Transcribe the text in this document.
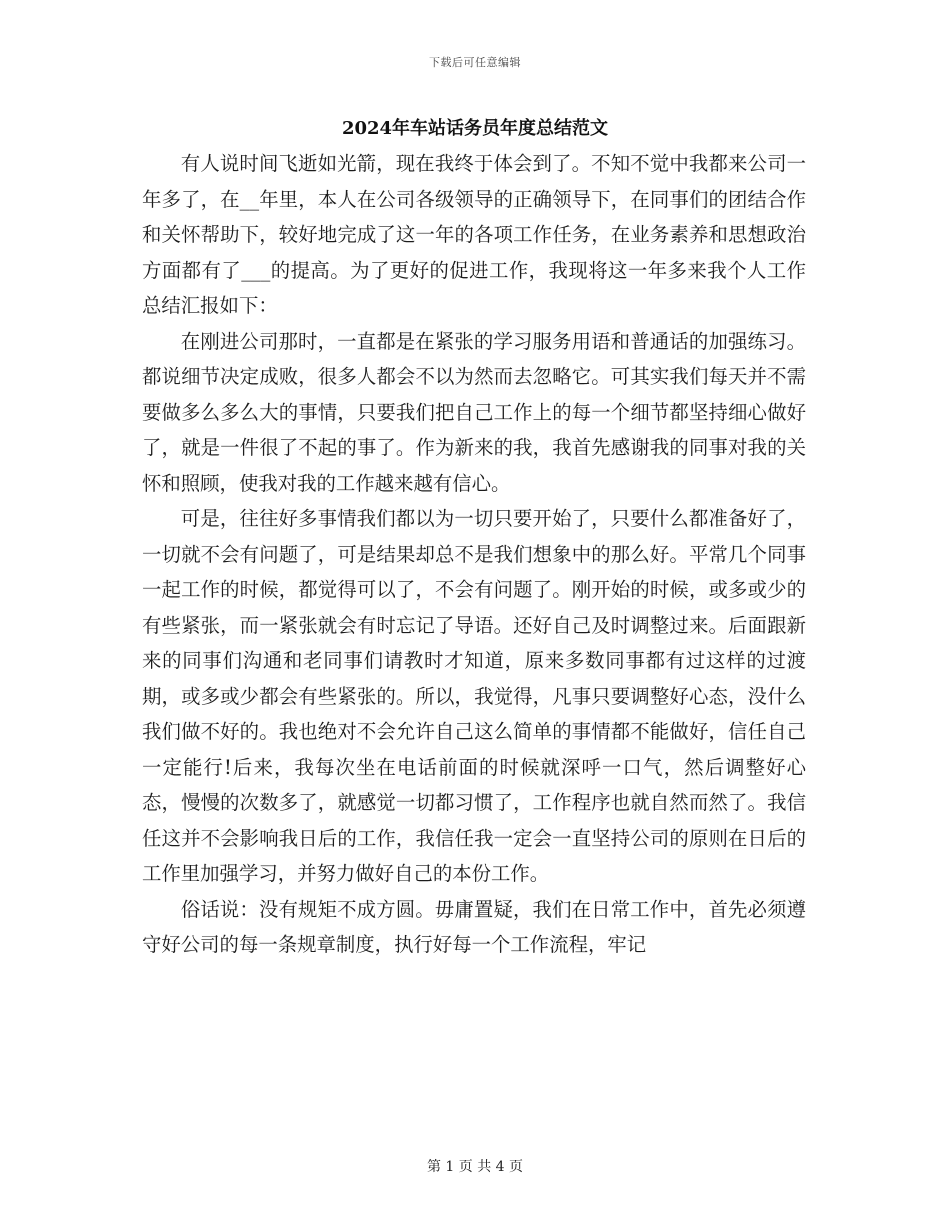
下载后可任意编辑
2024年车站话务员年度总结范文

有人说时间飞逝如光箭，现在我终于体会到了。不知不觉中我都来公司一年多了，在__年里，本人在公司各级领导的正确领导下，在同事们的团结合作和关怀帮助下，较好地完成了这一年的各项工作任务，在业务素养和思想政治方面都有了___的提高。为了更好的促进工作，我现将这一年多来我个人工作总结汇报如下：

在刚进公司那时，一直都是在紧张的学习服务用语和普通话的加强练习。都说细节决定成败，很多人都会不以为然而去忽略它。可其实我们每天并不需要做多么多么大的事情，只要我们把自己工作上的每一个细节都坚持细心做好了，就是一件很了不起的事了。作为新来的我，我首先感谢我的同事对我的关怀和照顾，使我对我的工作越来越有信心。

可是，往往好多事情我们都以为一切只要开始了，只要什么都准备好了，一切就不会有问题了，可是结果却总不是我们想象中的那么好。平常几个同事一起工作的时候，都觉得可以了，不会有问题了。刚开始的时候，或多或少的有些紧张，而一紧张就会有时忘记了导语。还好自己及时调整过来。后面跟新来的同事们沟通和老同事们请教时才知道，原来多数同事都有过这样的过渡期，或多或少都会有些紧张的。所以，我觉得，凡事只要调整好心态，没什么我们做不好的。我也绝对不会允许自己这么简单的事情都不能做好，信任自己一定能行!后来，我每次坐在电话前面的时候就深呼一口气，然后调整好心态，慢慢的次数多了，就感觉一切都习惯了，工作程序也就自然而然了。我信任这并不会影响我日后的工作，我信任我一定会一直坚持公司的原则在日后的工作里加强学习，并努力做好自己的本份工作。

俗话说：没有规矩不成方圆。毋庸置疑，我们在日常工作中，首先必须遵守好公司的每一条规章制度，执行好每一个工作流程，牢记

第 1 页 共 4 页
